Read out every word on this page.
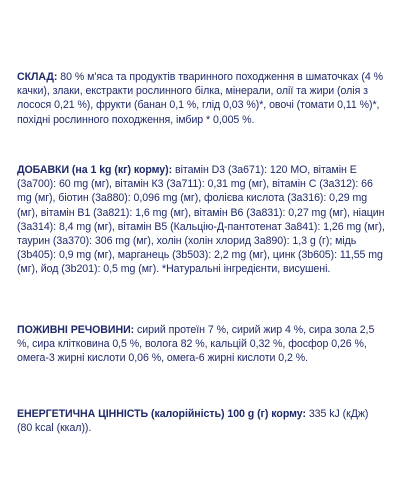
СКЛАД: 80 % м'яса та продуктів тваринного походження в шматочках (4 % качки), злаки, екстракти рослинного білка, мінерали, олії та жири (олія з лосося 0,21 %), фрукти (банан 0,1 %, глід 0,03 %)*, овочі (томати 0,11 %)*, похідні рослинного походження, імбир * 0,005 %.

ДОБАВКИ (на 1 kg (кг) корму): вітамін D3 (3а671): 120 МО, вітамін E (3а700): 60 mg (мг), вітамін К3 (3а711): 0,31 mg (мг), вітамін C (3а312): 66 mg (мг), біотин (3а880): 0,096 mg (мг), фолієва кислота (3а316): 0,29 mg (мг), вітамін B1 (3а821): 1,6 mg (мг), вітамін B6 (3а831): 0,27 mg (мг), ніацин (3а314): 8,4 mg (мг), вітамін B5 (Кальцію-Д-пантотенат 3а841): 1,26 mg (мг), таурин (3а370): 306 mg (мг), холін (холін хлорид 3а890): 1,3 g (г); мідь (3b405): 0,9 mg (мг), марганець (3b503): 2,2 mg (мг), цинк (3b605): 11,55 mg (мг), йод (3b201): 0,5 mg (мг). *Натуральні інгредієнти, висушені.

ПОЖИВНІ РЕЧОВИНИ: сирий протеїн 7 %, сирий жир 4 %, сира зола 2,5 %, сира клітковина 0,5 %, вологa 82 %, кальцій 0,32 %, фосфор 0,26 %, омега-3 жирні кислоти 0,06 %, омега-6 жирні кислоти 0,2 %.

ЕНЕРГЕТИЧНА ЦІННІСТЬ (калорійність) 100 g (г) корму: 335 kJ (кДж) (80 kcal (ккал)).
